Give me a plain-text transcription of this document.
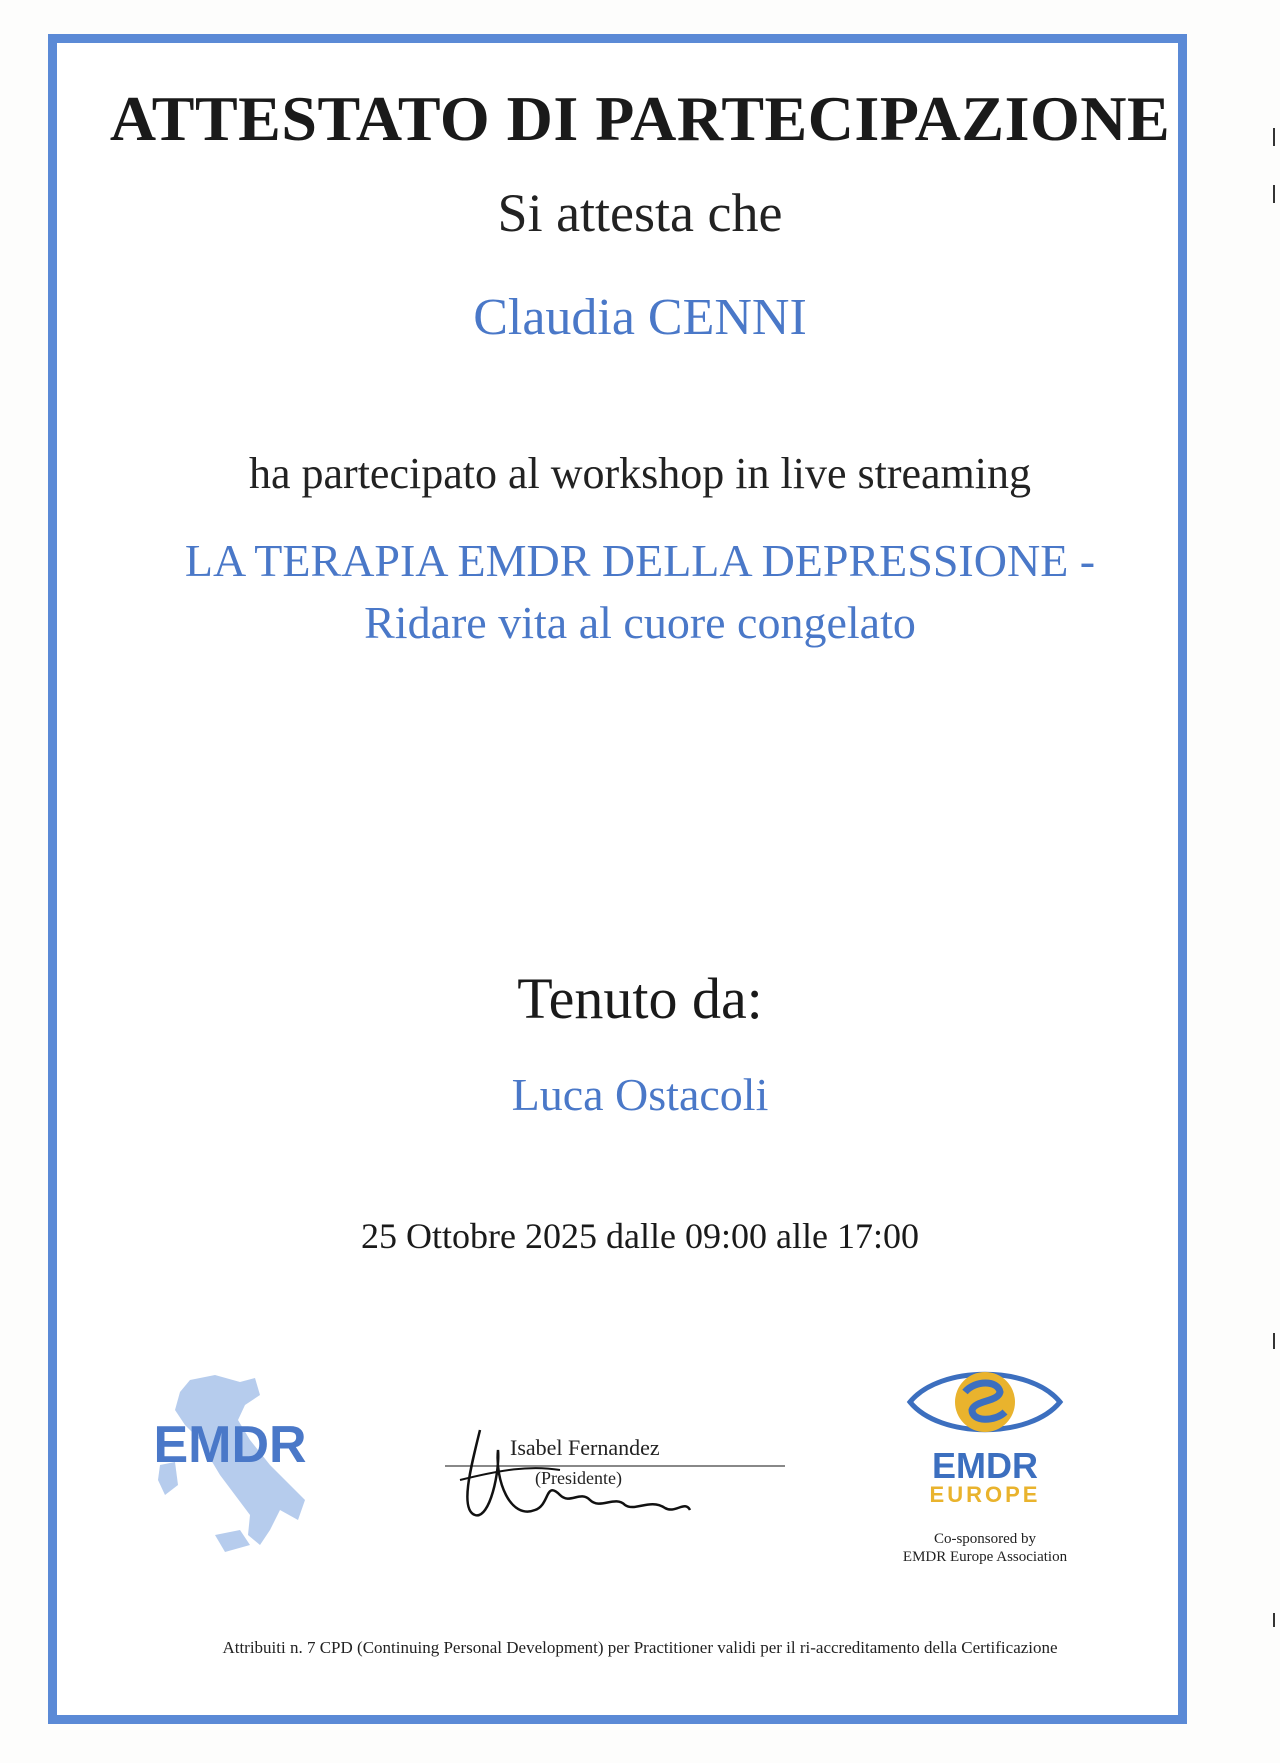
ATTESTATO DI PARTECIPAZIONE
Si attesta che
Claudia CENNI
ha partecipato al workshop in live streaming
LA TERAPIA EMDR DELLA DEPRESSIONE -
Ridare vita al cuore congelato
Tenuto da:
Luca Ostacoli
25 Ottobre 2025 dalle 09:00 alle 17:00
EMDR	Isabel Fernandez
(Presidente)	EMDR
EUROPE
Co-sponsored by
EMDR Europe Association
Attribuiti n. 7 CPD (Continuing Personal Development) per Practitioner validi per il ri-accreditamento della Certificazione
